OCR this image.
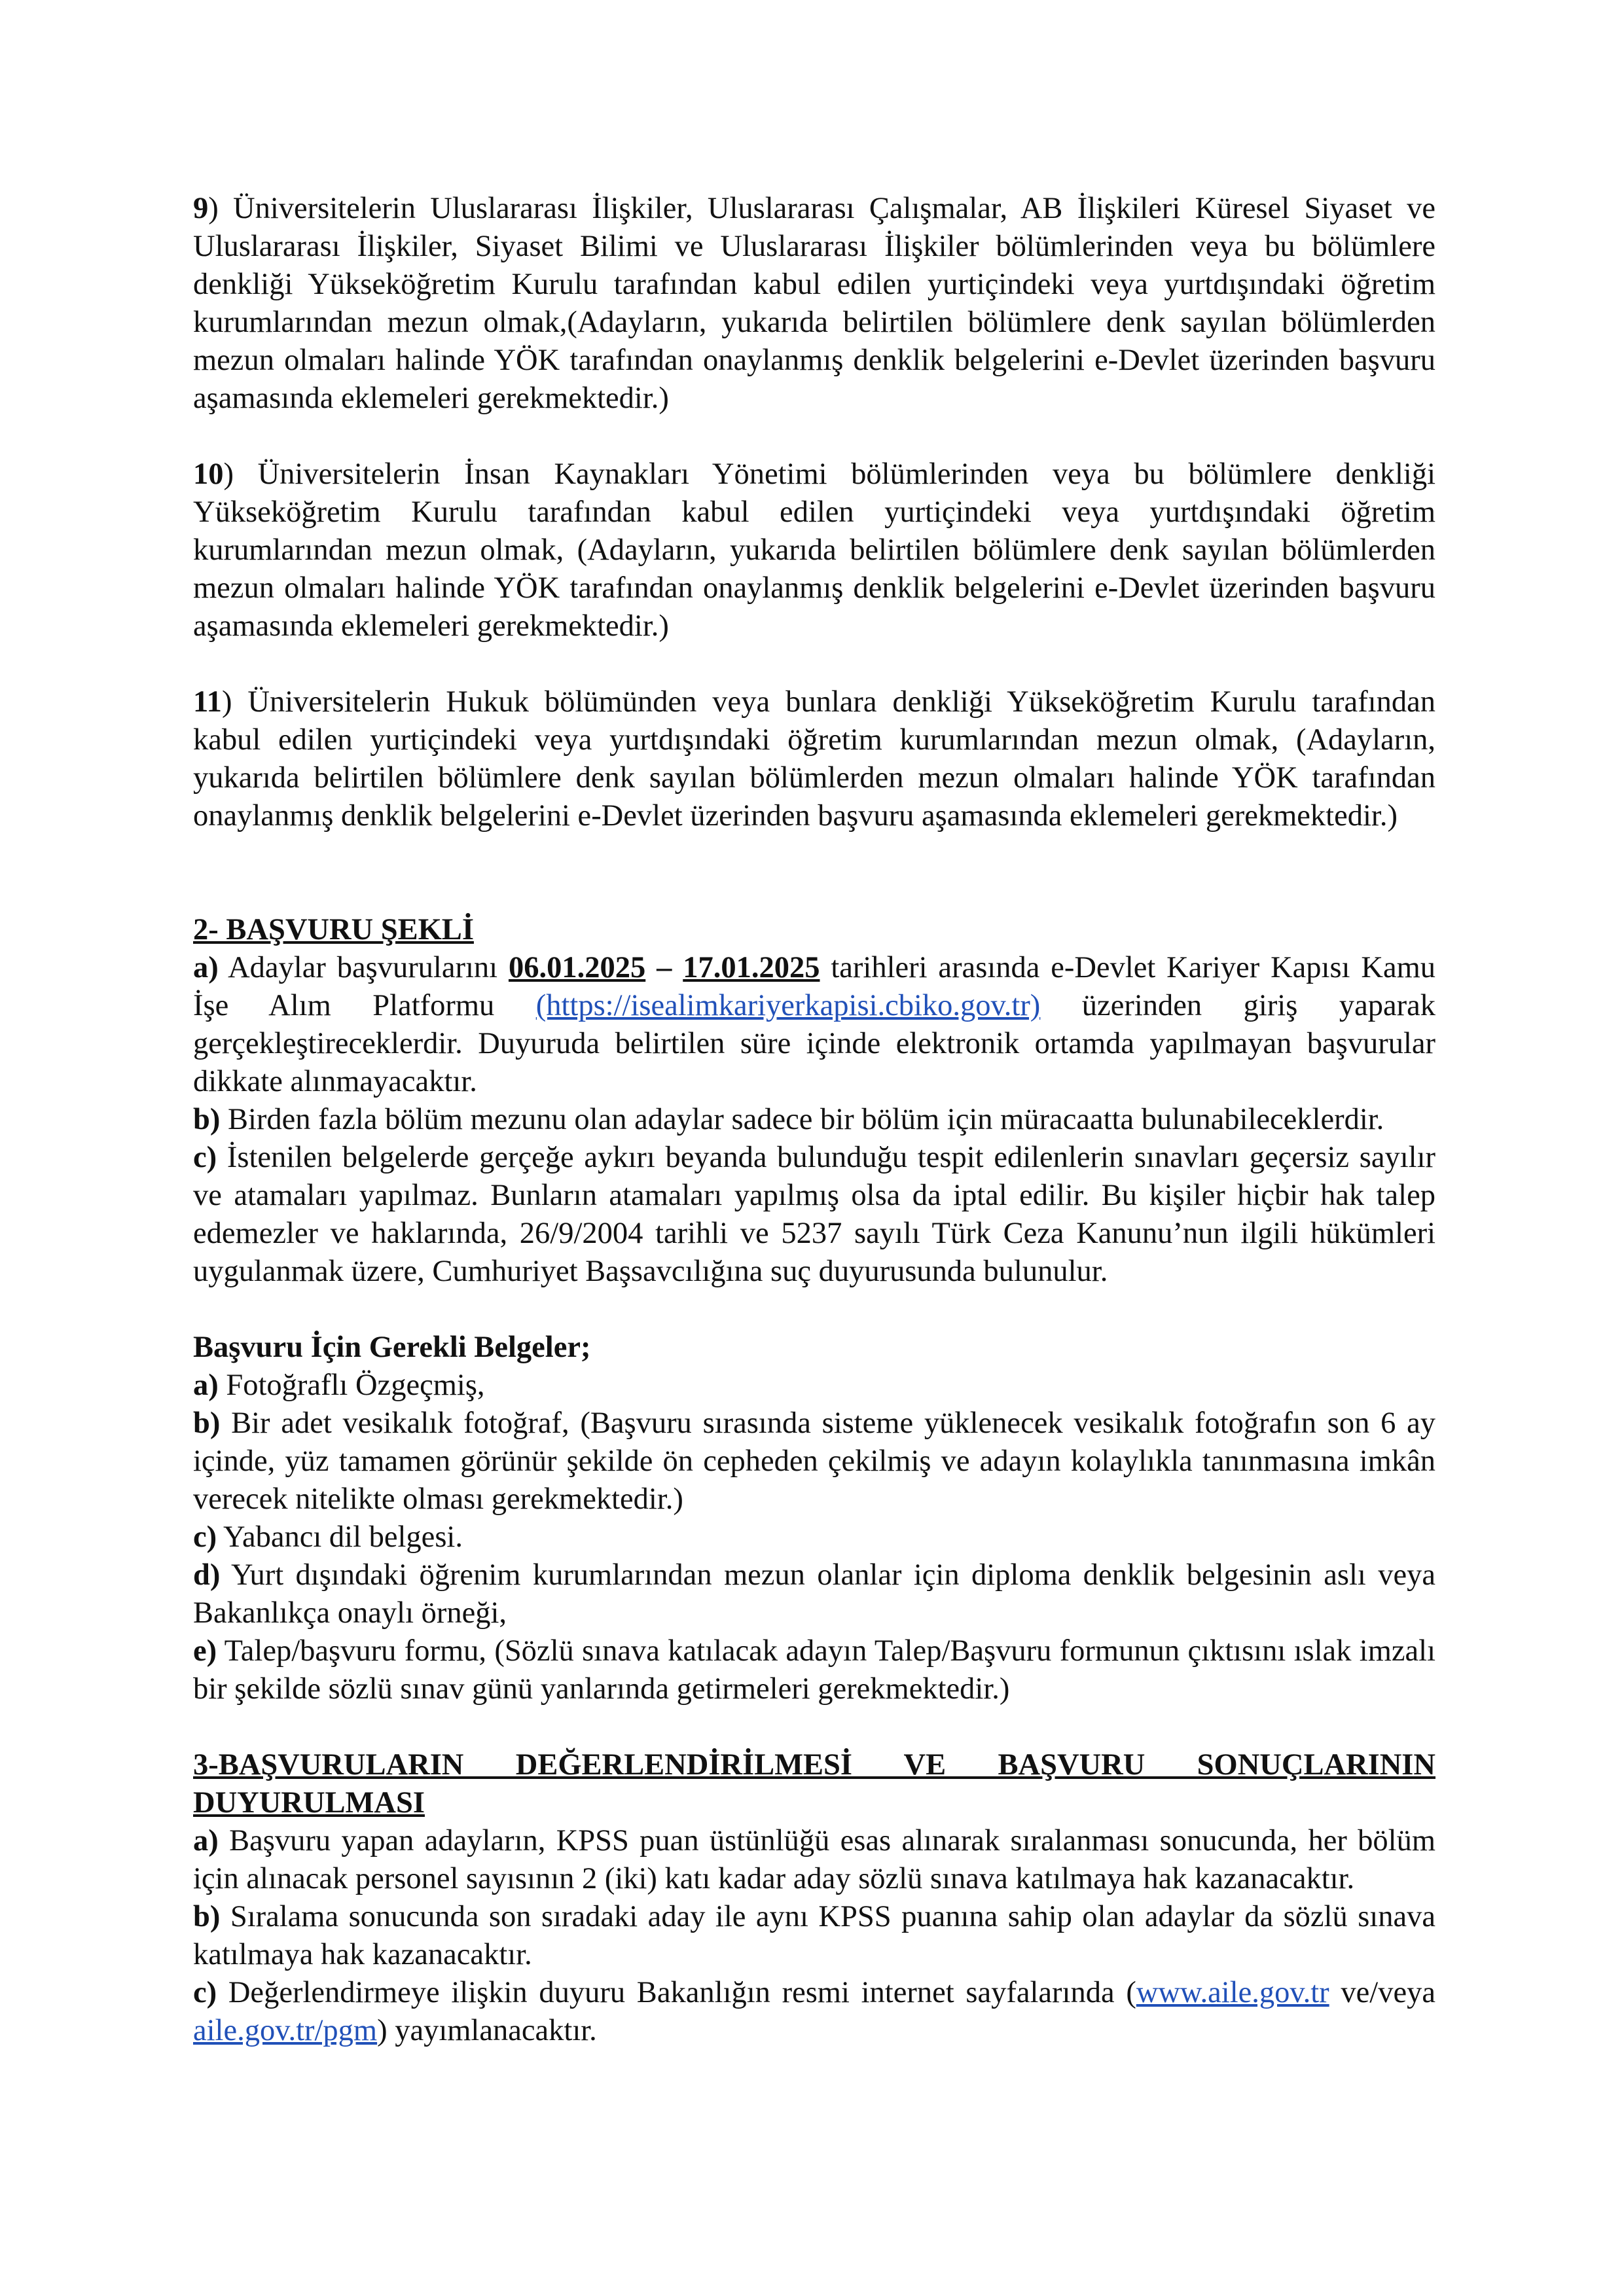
9) Üniversitelerin Uluslararası İlişkiler, Uluslararası Çalışmalar, AB İlişkileri Küresel Siyaset ve Uluslararası İlişkiler, Siyaset Bilimi ve Uluslararası İlişkiler bölümlerinden veya bu bölümlere denkliği Yükseköğretim Kurulu tarafından kabul edilen yurtiçindeki veya yurtdışındaki öğretim kurumlarından mezun olmak,(Adayların, yukarıda belirtilen bölümlere denk sayılan bölümlerden mezun olmaları halinde YÖK tarafından onaylanmış denklik belgelerini e-Devlet üzerinden başvuru aşamasında eklemeleri gerekmektedir.)

10) Üniversitelerin İnsan Kaynakları Yönetimi bölümlerinden veya bu bölümlere denkliği Yükseköğretim Kurulu tarafından kabul edilen yurtiçindeki veya yurtdışındaki öğretim kurumlarından mezun olmak, (Adayların, yukarıda belirtilen bölümlere denk sayılan bölümlerden mezun olmaları halinde YÖK tarafından onaylanmış denklik belgelerini e-Devlet üzerinden başvuru aşamasında eklemeleri gerekmektedir.)

11) Üniversitelerin Hukuk bölümünden veya bunlara denkliği Yükseköğretim Kurulu tarafından kabul edilen yurtiçindeki veya yurtdışındaki öğretim kurumlarından mezun olmak, (Adayların, yukarıda belirtilen bölümlere denk sayılan bölümlerden mezun olmaları halinde YÖK tarafından onaylanmış denklik belgelerini e-Devlet üzerinden başvuru aşamasında eklemeleri gerekmektedir.)

2- BAŞVURU ŞEKLİ

a) Adaylar başvurularını 06.01.2025 – 17.01.2025 tarihleri arasında e-Devlet Kariyer Kapısı Kamu İşe Alım Platformu (https://isealimkariyerkapisi.cbiko.gov.tr) üzerinden giriş yaparak gerçekleştireceklerdir. Duyuruda belirtilen süre içinde elektronik ortamda yapılmayan başvurular dikkate alınmayacaktır.

b) Birden fazla bölüm mezunu olan adaylar sadece bir bölüm için müracaatta bulunabileceklerdir.

c) İstenilen belgelerde gerçeğe aykırı beyanda bulunduğu tespit edilenlerin sınavları geçersiz sayılır ve atamaları yapılmaz. Bunların atamaları yapılmış olsa da iptal edilir. Bu kişiler hiçbir hak talep edemezler ve haklarında, 26/9/2004 tarihli ve 5237 sayılı Türk Ceza Kanunu’nun ilgili hükümleri uygulanmak üzere, Cumhuriyet Başsavcılığına suç duyurusunda bulunulur.

Başvuru İçin Gerekli Belgeler;

a) Fotoğraflı Özgeçmiş,

b) Bir adet vesikalık fotoğraf, (Başvuru sırasında sisteme yüklenecek vesikalık fotoğrafın son 6 ay içinde, yüz tamamen görünür şekilde ön cepheden çekilmiş ve adayın kolaylıkla tanınmasına imkân verecek nitelikte olması gerekmektedir.)

c) Yabancı dil belgesi.

d) Yurt dışındaki öğrenim kurumlarından mezun olanlar için diploma denklik belgesinin aslı veya Bakanlıkça onaylı örneği,

e) Talep/başvuru formu, (Sözlü sınava katılacak adayın Talep/Başvuru formunun çıktısını ıslak imzalı bir şekilde sözlü sınav günü yanlarında getirmeleri gerekmektedir.)

3-BAŞVURULARIN DEĞERLENDİRİLMESİ VE BAŞVURU SONUÇLARININ

DUYURULMASI

a) Başvuru yapan adayların, KPSS puan üstünlüğü esas alınarak sıralanması sonucunda, her bölüm için alınacak personel sayısının 2 (iki) katı kadar aday sözlü sınava katılmaya hak kazanacaktır.

b) Sıralama sonucunda son sıradaki aday ile aynı KPSS puanına sahip olan adaylar da sözlü sınava katılmaya hak kazanacaktır.

c) Değerlendirmeye ilişkin duyuru Bakanlığın resmi internet sayfalarında (www.aile.gov.tr ve/veya aile.gov.tr/pgm) yayımlanacaktır.
